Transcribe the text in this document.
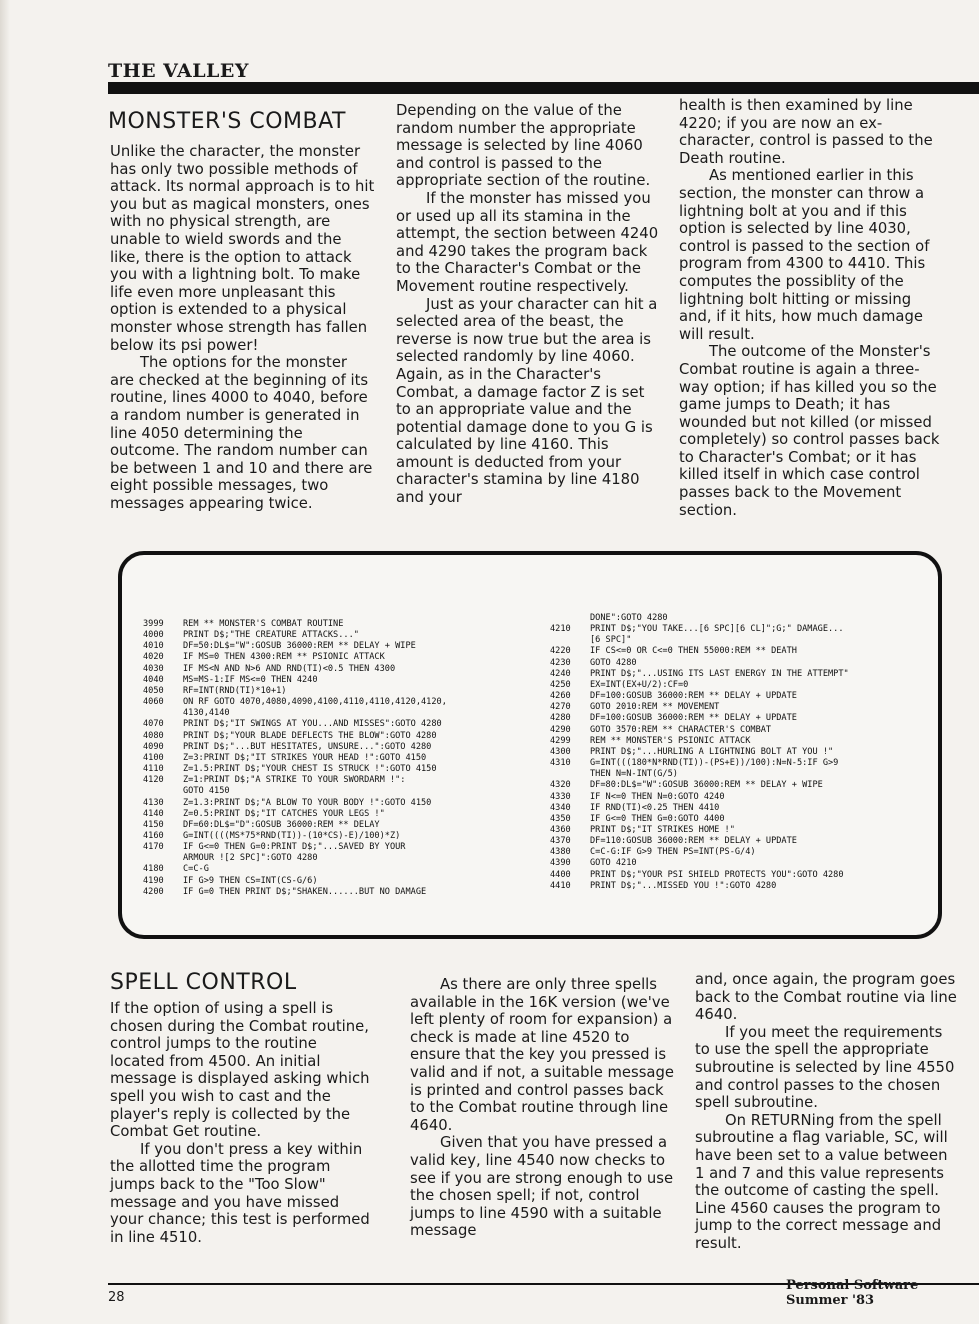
THE VALLEY
MONSTER'S COMBAT

Unlike the character, the monster has only two possible methods of attack. Its normal approach is to hit you but as magical monsters, ones with no physical strength, are unable to wield swords and the like, there is the option to attack you with a lightning bolt. To make life even more unpleasant this option is extended to a physical monster whose strength has fallen below its psi power!

The options for the monster are checked at the beginning of its routine, lines 4000 to 4040, before a random number is generated in line 4050 determining the outcome. The random number can be between 1 and 10 and there are eight possible messages, two messages appearing twice.

Depending on the value of the random number the appropriate message is selected by line 4060 and control is passed to the appropriate section of the routine.

If the monster has missed you or used up all its stamina in the attempt, the section between 4240 and 4290 takes the program back to the Character's Combat or the Movement routine respectively.

Just as your character can hit a selected area of the beast, the reverse is now true but the area is selected randomly by line 4060. Again, as in the Character's Combat, a damage factor Z is set to an appropriate value and the potential damage done to you G is calculated by line 4160. This amount is deducted from your character's stamina by line 4180 and your

health is then examined by line 4220; if you are now an ex-character, control is passed to the Death routine.

As mentioned earlier in this section, the monster can throw a lightning bolt at you and if this option is selected by line 4030, control is passed to the section of program from 4300 to 4410. This computes the possiblity of the lightning bolt hitting or missing and, if it hits, how much damage will result.

The outcome of the Monster's Combat routine is again a three-way option; if has killed you so the game jumps to Death; it has wounded but not killed (or missed completely) so control passes back to Character's Combat; or it has killed itself in which case control passes back to the Movement section.

3999	REM ** MONSTER'S COMBAT ROUTINE
4000	PRINT D$;"THE CREATURE ATTACKS..."
4010	DF=50:DL$="W":GOSUB 36000:REM ** DELAY + WIPE
4020	IF MS=0 THEN 4300:REM ** PSIONIC ATTACK
4030	IF MS<N AND N>6 AND RND(TI)<0.5 THEN 4300
4040	MS=MS-1:IF MS<=0 THEN 4240
4050	RF=INT(RND(TI)*10+1)
4060	ON RF GOTO 4070,4080,4090,4100,4110,4110,4120,4120,
4130,4140
4070	PRINT D$;"IT SWINGS AT YOU...AND MISSES":GOTO 4280
4080	PRINT D$;"YOUR BLADE DEFLECTS THE BLOW":GOTO 4280
4090	PRINT D$;"...BUT HESITATES, UNSURE...":GOTO 4280
4100	Z=3:PRINT D$;"IT STRIKES YOUR HEAD !":GOTO 4150
4110	Z=1.5:PRINT D$;"YOUR CHEST IS STRUCK !":GOTO 4150
4120	Z=1:PRINT D$;"A STRIKE TO YOUR SWORDARM !":
GOTO 4150
4130	Z=1.3:PRINT D$;"A BLOW TO YOUR BODY !":GOTO 4150
4140	Z=0.5:PRINT D$;"IT CATCHES YOUR LEGS !"
4150	DF=60:DL$="D":GOSUB 36000:REM ** DELAY
4160	G=INT((((MS*75*RND(TI))-(10*CS)-E)/100)*Z)
4170	IF G<=0 THEN G=0:PRINT D$;"...SAVED BY YOUR
ARMOUR ![2 SPC]":GOTO 4280
4180	C=C-G
4190	IF G>9 THEN CS=INT(CS-G/6)
4200	IF G=0 THEN PRINT D$;"SHAKEN......BUT NO DAMAGE
DONE":GOTO 4280
4210	PRINT D$;"YOU TAKE...[6 SPC][6 CL]";G;" DAMAGE...
[6 SPC]"
4220	IF CS<=0 OR C<=0 THEN 55000:REM ** DEATH
4230	GOTO 4280
4240	PRINT D$;"...USING ITS LAST ENERGY IN THE ATTEMPT"
4250	EX=INT(EX+U/2):CF=0
4260	DF=100:GOSUB 36000:REM ** DELAY + UPDATE
4270	GOTO 2010:REM ** MOVEMENT
4280	DF=100:GOSUB 36000:REM ** DELAY + UPDATE
4290	GOTO 3570:REM ** CHARACTER'S COMBAT
4299	REM ** MONSTER'S PSIONIC ATTACK
4300	PRINT D$;"...HURLING A LIGHTNING BOLT AT YOU !"
4310	G=INT(((180*N*RND(TI))-(PS+E))/100):N=N-5:IF G>9
THEN N=N-INT(G/5)
4320	DF=80:DL$="W":GOSUB 36000:REM ** DELAY + WIPE
4330	IF N<=0 THEN N=0:GOTO 4240
4340	IF RND(TI)<0.25 THEN 4410
4350	IF G<=0 THEN G=0:GOTO 4400
4360	PRINT D$;"IT STRIKES HOME !"
4370	DF=110:GOSUB 36000:REM ** DELAY + UPDATE
4380	C=C-G:IF G>9 THEN PS=INT(PS-G/4)
4390	GOTO 4210
4400	PRINT D$;"YOUR PSI SHIELD PROTECTS YOU":GOTO 4280
4410	PRINT D$;"...MISSED YOU !":GOTO 4280
SPELL CONTROL

If the option of using a spell is chosen during the Combat routine, control jumps to the routine located from 4500. An initial message is displayed asking which spell you wish to cast and the player's reply is collected by the Combat Get routine.

If you don't press a key within the allotted time the program jumps back to the "Too Slow" message and you have missed your chance; this test is performed in line 4510.

As there are only three spells available in the 16K version (we've left plenty of room for expansion) a check is made at line 4520 to ensure that the key you pressed is valid and if not, a suitable message is printed and control passes back to the Combat routine through line 4640.

Given that you have pressed a valid key, line 4540 now checks to see if you are strong enough to use the chosen spell; if not, control jumps to line 4590 with a suitable message

and, once again, the program goes back to the Combat routine via line 4640.

If you meet the requirements to use the spell the appropriate subroutine is selected by line 4550 and control passes to the chosen spell subroutine.

On RETURNing from the spell subroutine a flag variable, SC, will have been set to a value between 1 and 7 and this value represents the outcome of casting the spell. Line 4560 causes the program to jump to the correct message and result.

28
Personal Software Summer '83
